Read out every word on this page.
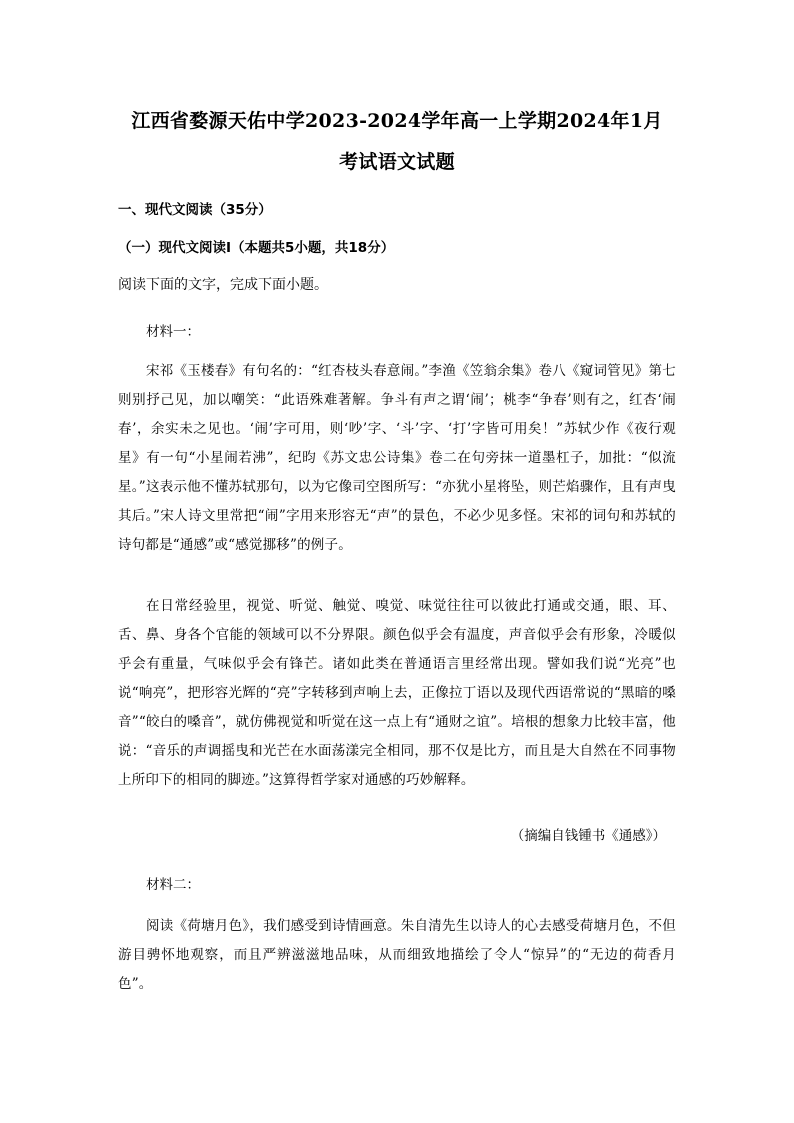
江西省婺源天佑中学2023-2024学年高一上学期2024年1月
考试语文试题

一、现代文阅读（35分）

（一）现代文阅读Ⅰ（本题共5小题，共18分）

阅读下面的文字，完成下面小题。

材料一：

宋祁《玉楼春》有句名的：“红杏枝头春意闹。”李渔《笠翁余集》卷八《窥词管见》第七则别抒己见，加以嘲笑：“此语殊难著解。争斗有声之谓‘闹’；桃李“争春’则有之，红杏‘闹春’，余实未之见也。‘闹’字可用，则‘吵’字、‘斗’字、‘打’字皆可用矣！”苏轼少作《夜行观星》有一句“小星闹若沸”，纪昀《苏文忠公诗集》卷二在句旁抹一道墨杠子，加批：“似流星。”这表示他不懂苏轼那句，以为它像司空图所写：“亦犹小星将坠，则芒焰骤作，且有声曳其后。”宋人诗文里常把“闹”字用来形容无“声”的景色，不必少见多怪。宋祁的词句和苏轼的诗句都是“通感”或“感觉挪移”的例子。

在日常经验里，视觉、听觉、触觉、嗅觉、味觉往往可以彼此打通或交通，眼、耳、舌、鼻、身各个官能的领域可以不分界限。颜色似乎会有温度，声音似乎会有形象，冷暖似乎会有重量，气味似乎会有锋芒。诸如此类在普通语言里经常出现。譬如我们说“光亮”也说“响亮”，把形容光辉的“亮”字转移到声响上去，正像拉丁语以及现代西语常说的“黑暗的嗓音”“皎白的嗓音”，就仿佛视觉和听觉在这一点上有“通财之谊”。培根的想象力比较丰富，他说：“音乐的声调摇曳和光芒在水面荡漾完全相同，那不仅是比方，而且是大自然在不同事物上所印下的相同的脚迹。”这算得哲学家对通感的巧妙解释。

（摘编自钱锺书《通感》）

材料二：

阅读《荷塘月色》，我们感受到诗情画意。朱自清先生以诗人的心去感受荷塘月色，不但游目骋怀地观察，而且严辨滋滋地品味，从而细致地描绘了令人“惊异”的“无边的荷香月色”。
